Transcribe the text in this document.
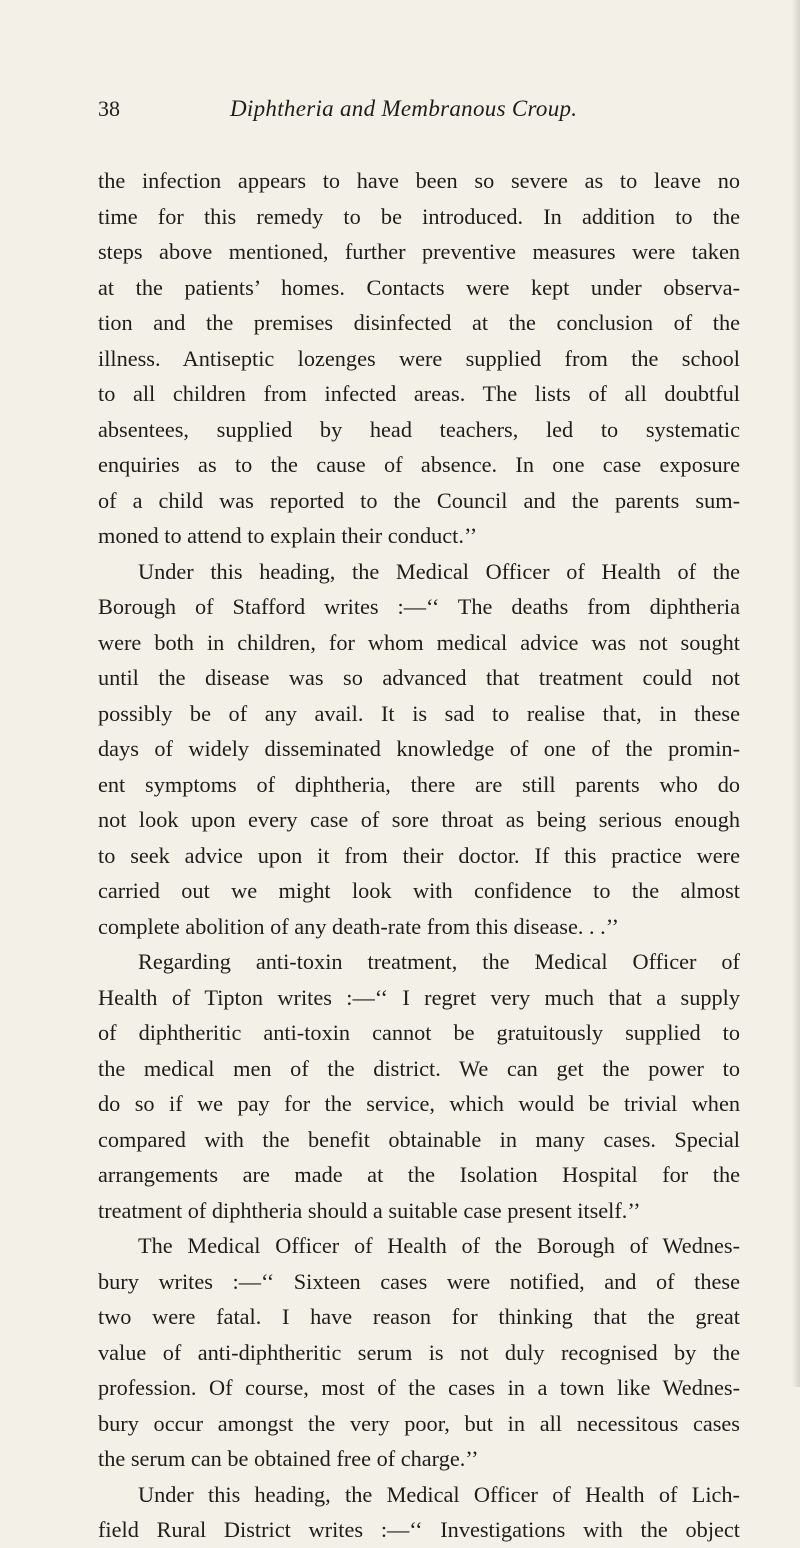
38	Diphtheria and Membranous Croup.
the infection appears to have been so severe as to leave no
time for this remedy to be introduced. In addition to the
steps above mentioned, further preventive measures were taken
at the patients’ homes. Contacts were kept under observa-
tion and the premises disinfected at the conclusion of the
illness. Antiseptic lozenges were supplied from the school
to all children from infected areas. The lists of all doubtful
absentees, supplied by head teachers, led to systematic
enquiries as to the cause of absence. In one case exposure
of a child was reported to the Council and the parents sum-
moned to attend to explain their conduct.’’
Under this heading, the Medical Officer of Health of the
Borough of Stafford writes :—‘‘ The deaths from diphtheria
were both in children, for whom medical advice was not sought
until the disease was so advanced that treatment could not
possibly be of any avail. It is sad to realise that, in these
days of widely disseminated knowledge of one of the promin-
ent symptoms of diphtheria, there are still parents who do
not look upon every case of sore throat as being serious enough
to seek advice upon it from their doctor. If this practice were
carried out we might look with confidence to the almost
complete abolition of any death-rate from this disease. . .’’
Regarding anti-toxin treatment, the Medical Officer of
Health of Tipton writes :—‘‘ I regret very much that a supply
of diphtheritic anti-toxin cannot be gratuitously supplied to
the medical men of the district. We can get the power to
do so if we pay for the service, which would be trivial when
compared with the benefit obtainable in many cases. Special
arrangements are made at the Isolation Hospital for the
treatment of diphtheria should a suitable case present itself.’’
The Medical Officer of Health of the Borough of Wednes-
bury writes :—‘‘ Sixteen cases were notified, and of these
two were fatal. I have reason for thinking that the great
value of anti-diphtheritic serum is not duly recognised by the
profession. Of course, most of the cases in a town like Wednes-
bury occur amongst the very poor, but in all necessitous cases
the serum can be obtained free of charge.’’
Under this heading, the Medical Officer of Health of Lich-
field Rural District writes :—‘‘ Investigations with the object
